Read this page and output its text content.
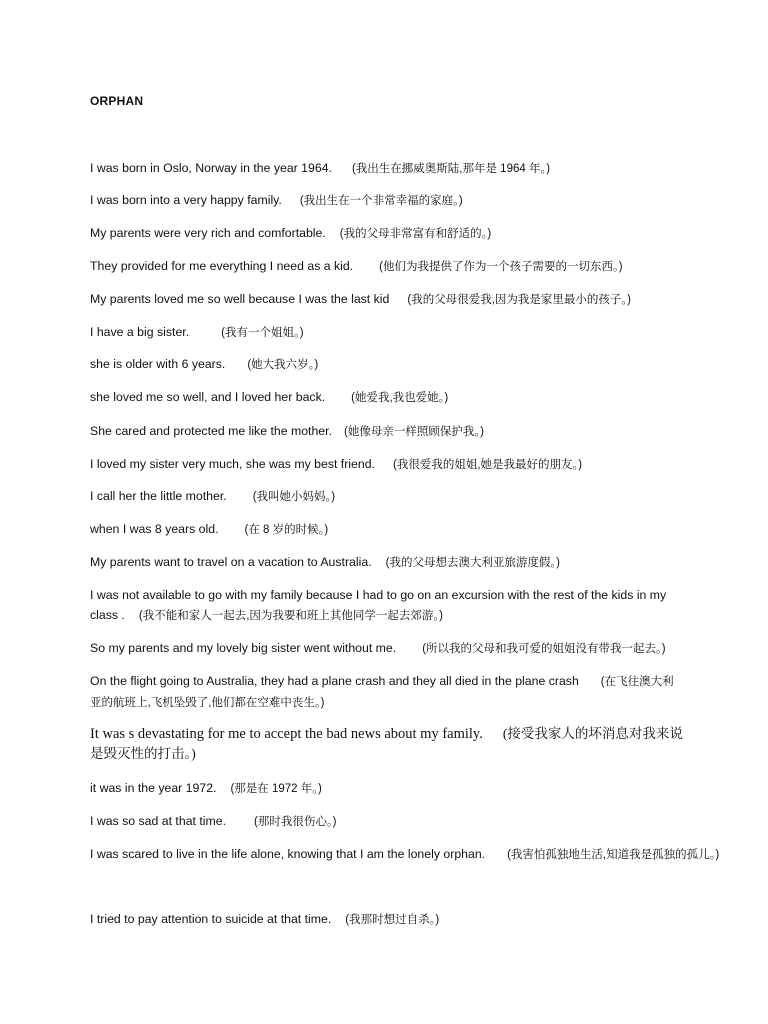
ORPHAN
I was born in Oslo, Norway in the year 1964. (我出生在挪威奥斯陆,那年是 1964 年。)
I was born into a very happy family. (我出生在一个非常幸福的家庭。)
My parents were very rich and comfortable. (我的父母非常富有和舒适的。)
They provided for me everything I need as a kid. (他们为我提供了作为一个孩子需要的一切东西。)
My parents loved me so well because I was the last kid (我的父母很爱我,因为我是家里最小的孩子。)
I have a big sister.	(我有一个姐姐。)
she is older with 6 years. (她大我六岁。)
she loved me so well, and I loved her back. (她爱我,我也爱她。)
She cared and protected me like the mother. (她像母亲一样照顾保护我。)
I loved my sister very much, she was my best friend. (我很爱我的姐姐,她是我最好的朋友。)
I call her the little mother. (我叫她小妈妈。)
when I was 8 years old. (在 8 岁的时候。)
My parents want to travel on a vacation to Australia. (我的父母想去澳大利亚旅游度假。)
I was not available to go with my family because I had to go on an excursion with the rest of the kids in my class . (我不能和家人一起去,因为我要和班上其他同学一起去郊游。)
So my parents and my lovely big sister went without me. (所以我的父母和我可爱的姐姐没有带我一起去。)
On the flight going to Australia, they had a plane crash and they all died in the plane crash (在飞往澳大利亚的航班上,飞机坠毁了,他们都在空难中丧生。)
It was s devastating for me to accept the bad news about my family. (接受我家人的坏消息对我来说是毁灭性的打击。)
it was in the year 1972. (那是在 1972 年。)
I was so sad at that time. (那时我很伤心。)
I was scared to live in the life alone, knowing that I am the lonely orphan. (我害怕孤独地生活,知道我是孤独的孤儿。)
I tried to pay attention to suicide at that time. (我那时想过自杀。)
